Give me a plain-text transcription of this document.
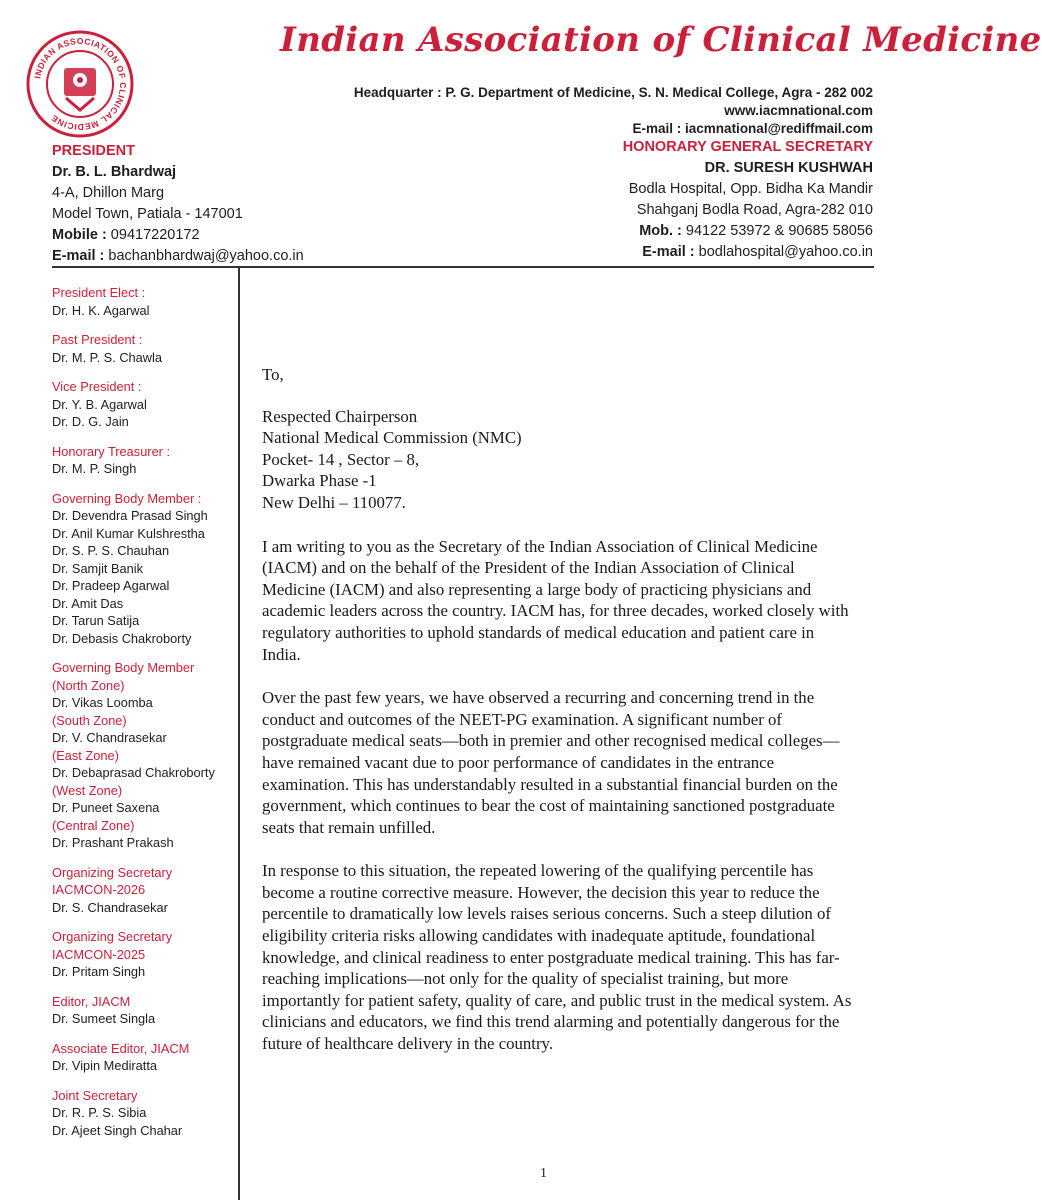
INDIAN ASSOCIATION OF CLINICAL MEDICINE
Indian Association of Clinical Medicine
Headquarter : P. G. Department of Medicine, S. N. Medical College, Agra - 282 002
www.iacmnational.com
E-mail : iacmnational@rediffmail.com
PRESIDENT
Dr. B. L. Bhardwaj
4-A, Dhillon Marg
Model Town, Patiala - 147001
Mobile : 09417220172
E-mail : bachanbhardwaj@yahoo.co.in
HONORARY GENERAL SECRETARY
DR. SURESH KUSHWAH
Bodla Hospital, Opp. Bidha Ka Mandir
Shahganj Bodla Road, Agra-282 010
Mob. : 94122 53972 & 90685 58056
E-mail : bodlahospital@yahoo.co.in
President Elect :
Dr. H. K. Agarwal
Past President :
Dr. M. P. S. Chawla
Vice President :
Dr. Y. B. Agarwal
Dr. D. G. Jain
Honorary Treasurer :
Dr. M. P. Singh
Governing Body Member :
Dr. Devendra Prasad Singh
Dr. Anil Kumar Kulshrestha
Dr. S. P. S. Chauhan
Dr. Samjit Banik
Dr. Pradeep Agarwal
Dr. Amit Das
Dr. Tarun Satija
Dr. Debasis Chakroborty
Governing Body Member
(North Zone)
Dr. Vikas Loomba
(South Zone)
Dr. V. Chandrasekar
(East Zone)
Dr. Debaprasad Chakroborty
(West Zone)
Dr. Puneet Saxena
(Central Zone)
Dr. Prashant Prakash
Organizing Secretary
IACMCON-2026
Dr. S. Chandrasekar
Organizing Secretary
IACMCON-2025
Dr. Pritam Singh
Editor, JIACM
Dr. Sumeet Singla
Associate Editor, JIACM
Dr. Vipin Mediratta
Joint Secretary
Dr. R. P. S. Sibia
Dr. Ajeet Singh Chahar

To,

Respected Chairperson
National Medical Commission (NMC)
Pocket- 14 , Sector – 8,
Dwarka Phase -1
New Delhi – 110077.

I am writing to you as the Secretary of the Indian Association of Clinical Medicine (IACM) and on the behalf of the President of the Indian Association of Clinical Medicine (IACM) and also representing a large body of practicing physicians and academic leaders across the country. IACM has, for three decades, worked closely with regulatory authorities to uphold standards of medical education and patient care in India.

Over the past few years, we have observed a recurring and concerning trend in the conduct and outcomes of the NEET-PG examination. A significant number of postgraduate medical seats—both in premier and other recognised medical colleges—have remained vacant due to poor performance of candidates in the entrance examination. This has understandably resulted in a substantial financial burden on the government, which continues to bear the cost of maintaining sanctioned postgraduate seats that remain unfilled.

In response to this situation, the repeated lowering of the qualifying percentile has become a routine corrective measure. However, the decision this year to reduce the percentile to dramatically low levels raises serious concerns. Such a steep dilution of eligibility criteria risks allowing candidates with inadequate aptitude, foundational knowledge, and clinical readiness to enter postgraduate medical training. This has far-reaching implications—not only for the quality of specialist training, but more importantly for patient safety, quality of care, and public trust in the medical system. As clinicians and educators, we find this trend alarming and potentially dangerous for the future of healthcare delivery in the country.

1
